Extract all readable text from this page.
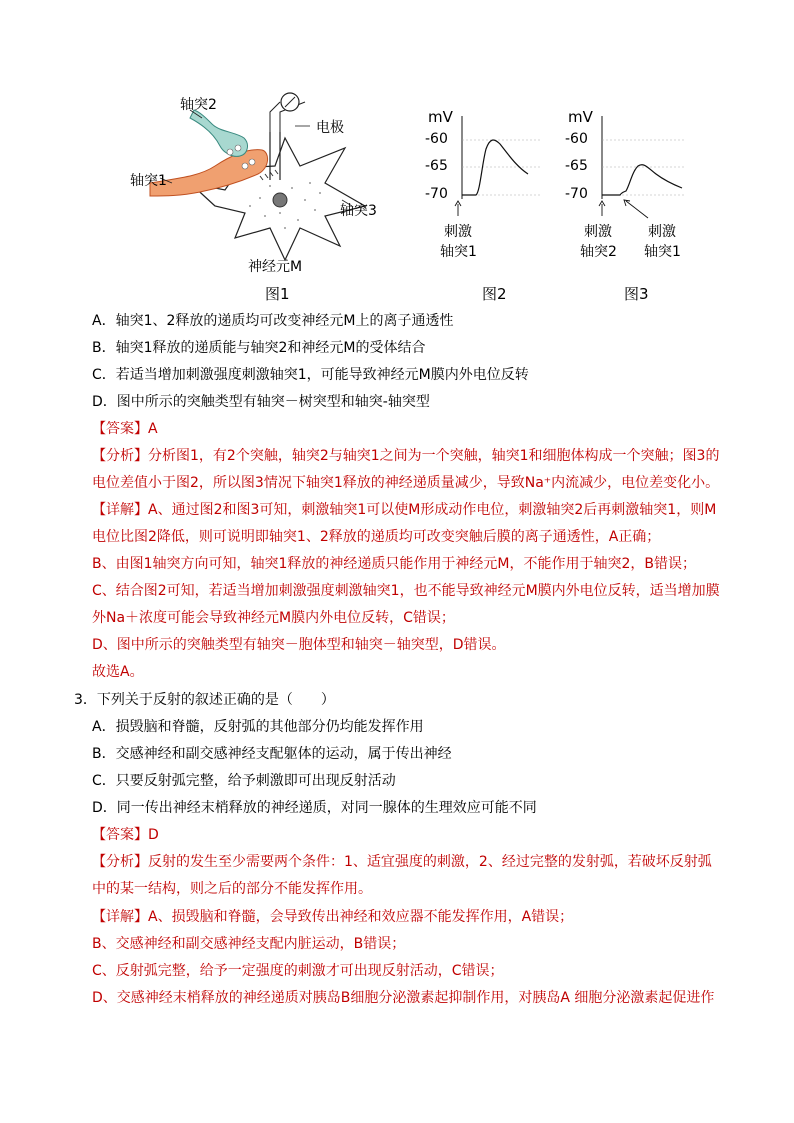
轴突2
轴突1
电极
轴突3
神经元M
图1
mV
-60
-65
-70
刺激
轴突1
图2
mV
-60
-65
-70
刺激
轴突2
刺激
轴突1
图3
A．轴突1、2释放的递质均可改变神经元M上的离子通透性
B．轴突1释放的递质能与轴突2和神经元M的受体结合
C．若适当增加刺激强度刺激轴突1，可能导致神经元M膜内外电位反转
D．图中所示的突触类型有轴突－树突型和轴突-轴突型
【答案】A
【分析】分析图1，有2个突触，轴突2与轴突1之间为一个突触，轴突1和细胞体构成一个突触；图3的
电位差值小于图2，所以图3情况下轴突1释放的神经递质量减少，导致Na⁺内流减少，电位差变化小。
【详解】A、通过图2和图3可知，刺激轴突1可以使M形成动作电位，刺激轴突2后再刺激轴突1，则M
电位比图2降低，则可说明即轴突1、2释放的递质均可改变突触后膜的离子通透性，A正确；
B、由图1轴突方向可知，轴突1释放的神经递质只能作用于神经元M，不能作用于轴突2，B错误；
C、结合图2可知，若适当增加刺激强度刺激轴突1，也不能导致神经元M膜内外电位反转，适当增加膜
外Na＋浓度可能会导致神经元M膜内外电位反转，C错误；
D、图中所示的突触类型有轴突－胞体型和轴突－轴突型，D错误。
故选A。
3．下列关于反射的叙述正确的是（　　）
A．损毁脑和脊髓，反射弧的其他部分仍均能发挥作用
B．交感神经和副交感神经支配躯体的运动，属于传出神经
C．只要反射弧完整，给予刺激即可出现反射活动
D．同一传出神经末梢释放的神经递质，对同一腺体的生理效应可能不同
【答案】D
【分析】反射的发生至少需要两个条件：1、适宜强度的刺激，2、经过完整的发射弧，若破坏反射弧
中的某一结构，则之后的部分不能发挥作用。
【详解】A、损毁脑和脊髓，会导致传出神经和效应器不能发挥作用，A错误；
B、交感神经和副交感神经支配内脏运动，B错误；
C、反射弧完整，给予一定强度的刺激才可出现反射活动，C错误；
D、交感神经末梢释放的神经递质对胰岛B细胞分泌激素起抑制作用，对胰岛A 细胞分泌激素起促进作
